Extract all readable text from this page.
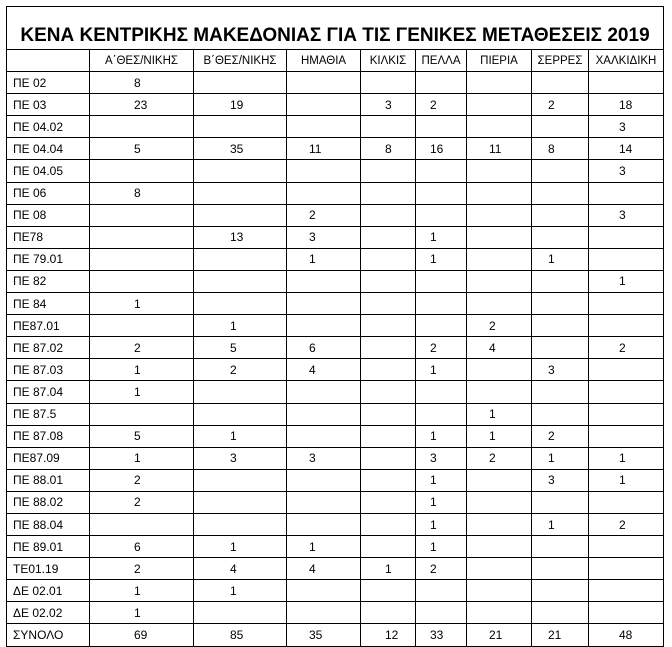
ΚΕΝΑ ΚΕΝΤΡΙΚΗΣ ΜΑΚΕΔΟΝΙΑΣ ΓΙΑ ΤΙΣ ΓΕΝΙΚΕΣ ΜΕΤΑΘΕΣΕΙΣ 2019								
	Α΄ΘΕΣ/ΝΙΚΗΣ	Β΄ΘΕΣ/ΝΙΚΗΣ	ΗΜΑΘΙΑ	ΚΙΛΚΙΣ	ΠΕΛΛΑ	ΠΙΕΡΙΑ	ΣΕΡΡΕΣ	ΧΑΛΚΙΔΙΚΗ
ΠΕ 02	8							
ΠΕ 03	23	19		3	2		2	18
ΠΕ 04.02								3
ΠΕ 04.04	5	35	11	8	16	11	8	14
ΠΕ 04.05								3
ΠΕ 06	8							
ΠΕ 08			2					3
ΠΕ78		13	3		1			
ΠΕ 79.01			1		1		1	
ΠΕ 82								1
ΠΕ 84	1							
ΠΕ87.01		1				2		
ΠΕ 87.02	2	5	6		2	4		2
ΠΕ 87.03	1	2	4		1		3	
ΠΕ 87.04	1							
ΠΕ 87.5						1		
ΠΕ 87.08	5	1			1	1	2	
ΠΕ87.09	1	3	3		3	2	1	1
ΠΕ 88.01	2				1		3	1
ΠΕ 88.02	2				1			
ΠΕ 88.04					1		1	2
ΠΕ 89.01	6	1	1		1			
ΤΕ01.19	2	4	4	1	2			
ΔΕ 02.01	1	1						
ΔΕ 02.02	1							
ΣΥΝΟΛΟ	69	85	35	12	33	21	21	48
